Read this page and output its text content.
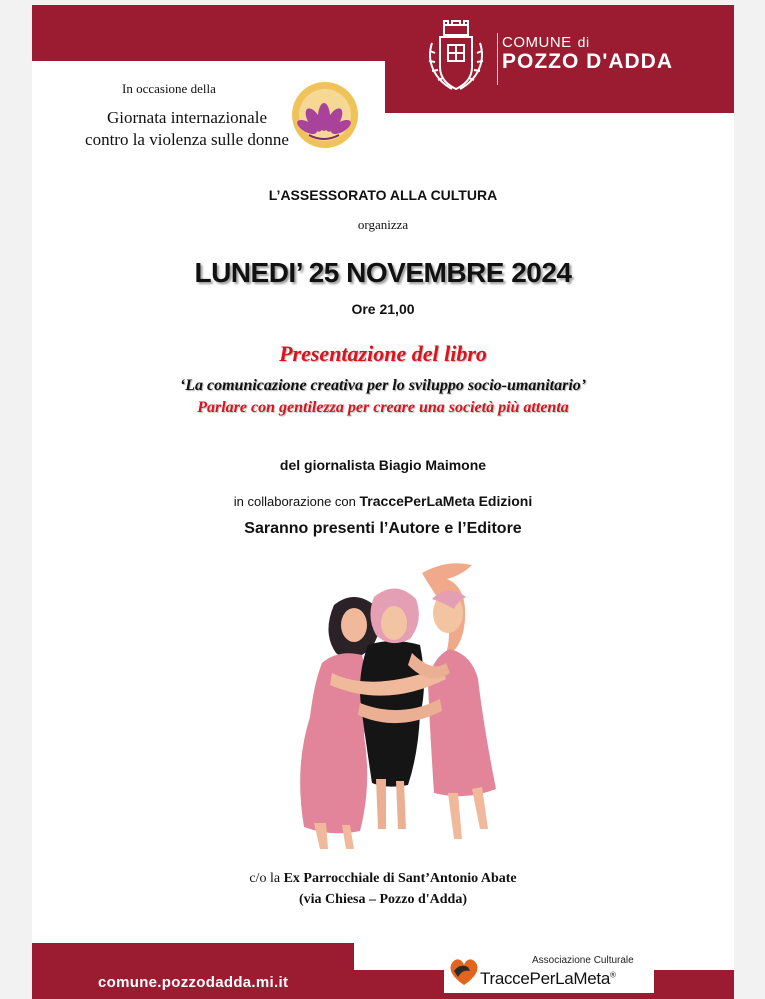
COMUNE di
POZZO D'ADDA
In occasione della
Giornata internazionale
contro la violenza sulle donne
L’ASSESSORATO ALLA CULTURA
organizza
LUNEDI’ 25 NOVEMBRE 2024
Ore 21,00
Presentazione del libro
‘La comunicazione creativa per lo sviluppo socio-umanitario’
Parlare con gentilezza per creare una società più attenta
del giornalista Biagio Maimone
in collaborazione con TraccePerLaMeta Edizioni
Saranno presenti l’Autore e l’Editore
c/o la Ex Parrocchiale di Sant’Antonio Abate
(via Chiesa – Pozzo d'Adda)
comune.pozzodadda.mi.it
Associazione Culturale
TraccePerLaMeta®
